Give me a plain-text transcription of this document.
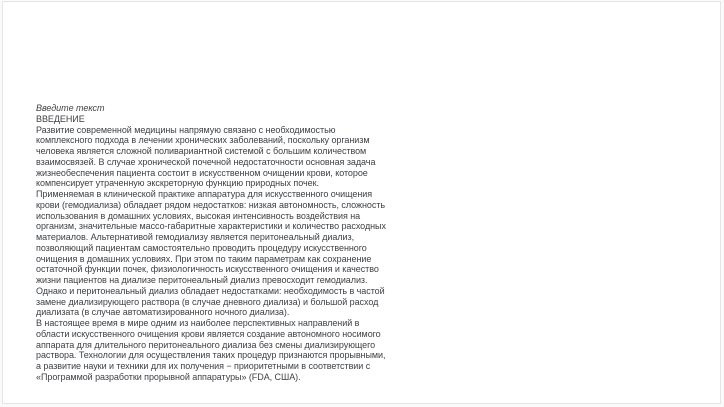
Введите текст
ВВЕДЕНИЕ
Развитие современной медицины напрямую связано с необходимостью
комплексного подхода в лечении хронических заболеваний, поскольку организм
человека является сложной поливариантной системой с большим количеством
взаимосвязей. В случае хронической почечной недостаточности основная задача
жизнеобеспечения пациента состоит в искусственном очищении крови, которое
компенсирует утраченную экскреторную функцию природных почек.
Применяемая в клинической практике аппаратура для искусственного очищения
крови (гемодиализа) обладает рядом недостатков: низкая автономность, сложность
использования в домашних условиях, высокая интенсивность воздействия на
организм, значительные массо-габаритные характеристики и количество расходных
материалов. Альтернативой гемодиализу является перитонеальный диализ,
позволяющий пациентам самостоятельно проводить процедуру искусственного
очищения в домашних условиях. При этом по таким параметрам как сохранение
остаточной функции почек, физиологичность искусственного очищения и качество
жизни пациентов на диализе перитонеальный диализ превосходит гемодиализ.
Однако и перитонеальный диализ обладает недостатками: необходимость в частой
замене диализирующего раствора (в случае дневного диализа) и большой расход
диализата (в случае автоматизированного ночного диализа).
В настоящее время в мире одним из наиболее перспективных направлений в
области искусственного очищения крови является создание автономного носимого
аппарата для длительного перитонеального диализа без смены диализирующего
раствора. Технологии для осуществления таких процедур признаются прорывными,
а развитие науки и техники для их получения − приоритетными в соответствии с
«Программой разработки прорывной аппаратуры» (FDA, США).
